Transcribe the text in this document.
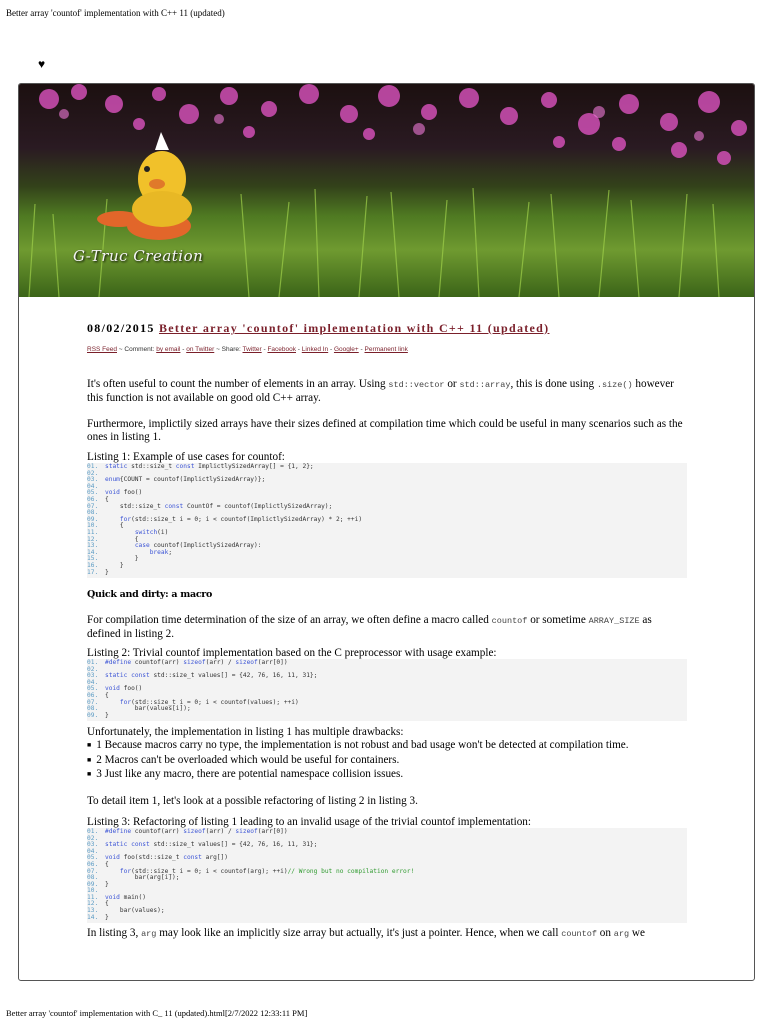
Better array 'countof' implementation with C++ 11 (updated)
♥
G-Truc Creation
08/02/2015 Better array 'countof' implementation with C++ 11 (updated)
RSS Feed ~ Comment: by email - on Twitter ~ Share: Twitter - Facebook - Linked In - Google+ - Permanent link

It's often useful to count the number of elements in an array. Using std::vector or std::array, this is done using .size() however this function is not available on good old C++ array.

Furthermore, implictily sized arrays have their sizes defined at compilation time which could be useful in many scenarios such as the ones in listing 1.

Listing 1: Example of use cases for countof:
01. static std::size_t const ImplictlySizedArray[] = {1, 2};
02.
03. enum{COUNT = countof(ImplictlySizedArray)};
04.
05. void foo()
06. {
07.    std::size_t const CountOf = countof(ImplictlySizedArray);
08.
09.	for(std::size_t i = 0; i < countof(ImplictlySizedArray) * 2; ++i)
10.    {
11.	switch(i)
12.        {
13.	case countof(ImplictlySizedArray):
14.	break;
15.        }
16.    }
17. }
Quick and dirty: a macro

For compilation time determination of the size of an array, we often define a macro called countof or sometime ARRAY_SIZE as defined in listing 2.

Listing 2: Trivial countof implementation based on the C preprocessor with usage example:
01. #define countof(arr) sizeof(arr) / sizeof(arr[0])
02.
03. static const std::size_t values[] = {42, 76, 16, 11, 31};
04.
05. void foo()
06. {
07.	for(std::size_t i = 0; i < countof(values); ++i)
08.        bar(values[i]);
09. }

Unfortunately, the implementation in listing 1 has multiple drawbacks:

■ 1 Because macros carry no type, the implementation is not robust and bad usage won't be detected at compilation time.
■ 2 Macros can't be overloaded which would be useful for containers.
■ 3 Just like any macro, there are potential namespace collision issues.

To detail item 1, let's look at a possible refactoring of listing 2 in listing 3.

Listing 3: Refactoring of listing 1 leading to an invalid usage of the trivial countof implementation:
01. #define countof(arr) sizeof(arr) / sizeof(arr[0])
02.
03. static const std::size_t values[] = {42, 76, 16, 11, 31};
04.
05. void foo(std::size_t const arg[])
06. {
07.	for(std::size_t i = 0; i < countof(arg); ++i)// Wrong but no compilation error!
08.        bar(arg[i]);
09. }
10.
11. void main()
12. {
13.    bar(values);
14. }

In listing 3, arg may look like an implicitly size array but actually, it's just a pointer. Hence, when we call countof on arg we

Better array 'countof' implementation with C_ 11 (updated).html[2/7/2022 12:33:11 PM]
